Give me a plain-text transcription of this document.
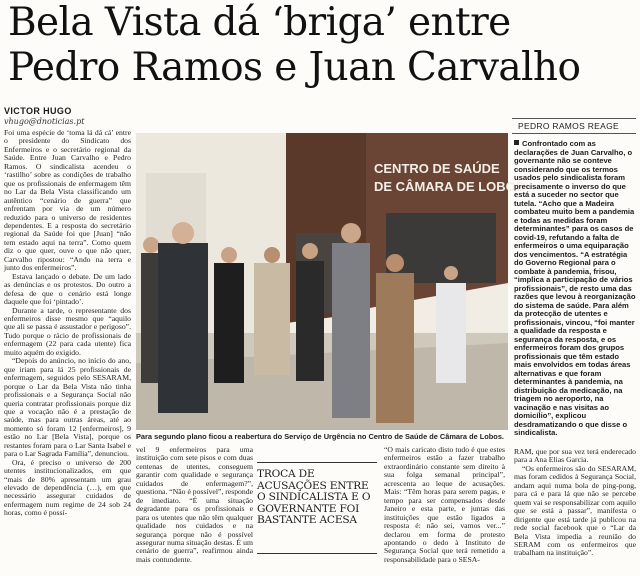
Bela Vista dá ‘briga’ entre Pedro Ramos e Juan Carvalho
VICTOR HUGO
vhugo@dnoticias.pt

Foi uma espécie de ‘toma lá dá cá’ entre o presidente do Sindicato dos Enfermeiros e o secretário regional da Saúde. Entre Juan Carvalho e Pedro Ramos. O sindicalista acendeu o ‘rastilho’ sobre as condições de trabalho que os profissionais de enfermagem têm no Lar da Bela Vista classificando um autêntico “cenário de guerra” que enfrentam por via de um número reduzido para o universo de residentes dependentes. E a resposta do secretário regional da Saúde foi que [Juan] “não tem estado aqui na terra”. Como quem diz o que quer, ouve o que não quer, Carvalho ripostou: “Ando na terra e junto dos enfermeiros”.

Estava lançado o debate. De um lado as denúncias e os protestos. Do outro a defesa de que o cenário está longe daquele que foi ‘pintado’.

Durante a tarde, o representante dos enfermeiros disse mesmo que “aquilo que ali se passa é assustador e perigoso”. Tudo porque o rácio de profissionais de enfermagem (22 para cada utente) fica muito aquém do exigido.

“Depois do anúncio, no início do ano, que iriam para lá 25 profissionais de enfermagem, seguidos pelo SESARAM, porque o Lar da Bela Vista não tinha profissionais e a Segurança Social não queria contratar profissionais porque diz que a vocação não é a prestação de saúde, mas para outras áreas, até ao momento só foram 12 [enfermeiros], 9 estão no Lar [Bela Vista], porque os restantes foram para o Lar Santa Isabel e para o Lar Sagrada Família”, denunciou.

Ora, é preciso o universo de 200 utentes institucionalizados, em que “mais de 80% apresentam um grau elevado de dependência (…), em que necessário assegurar cuidados de enfermagem num regime de 24 sob 24 horas, como é possí-

CENTRO DE SAÚDE
DE CÂMARA DE LOBOS
Para segundo plano ficou a reabertura do Serviço de Urgência no Centro de Saúde de Câmara de Lobos.

vel 9 enfermeiros para uma instituição com sete pisos e com duas centenas de utentes, conseguem garantir com qualidade e segurança cuidados de enfermagem?”, questiona. “Não é possível”, responde de imediato. “É uma situação degradante para os profissionais e para os utentes que não têm qualquer qualidade nos cuidados e na segurança porque não é possível assegurar numa situação destas. É um cenário de guerra”, reafirmou ainda mais contundente.

TROCA DE ACUSAÇÕES ENTRE O SINDICALISTA E O GOVERNANTE FOI BASTANTE ACESA

“O mais caricato disto tudo é que estes enfermeiros estão a fazer trabalho extraordinário constante sem direito à sua folga semanal principal”, acrescenta ao leque de acusações. Mais: “Têm horas para serem pagas, e tempo para ser compensados desde Janeiro e esta parte, e juntas das instituições que estão ligados a resposta é: não sei, vamos ver...” declarou em forma de protesto apontando o dedo à Instituto de Segurança Social que terá remetido a responsabilidade para o SESA-

PEDRO RAMOS REAGE
Confrontado com as declarações de Juan Carvalho, o governante não se conteve considerando que os termos usados pelo sindicalista foram precisamente o inverso do que está a suceder no sector que tutela. “Acho que a Madeira combateu muito bem a pandemia e todas as medidas foram determinantes” para os casos de covid-19, refutando a falta de enfermeiros o uma equiparação dos vencimentos. “A estratégia do Governo Regional para o combate à pandemia, frisou, “implica a participação de vários profissionais”, de resto uma das razões que levou à reorganização do sistema de saúde. Para além da protecção de utentes e profissionais, vincou, “foi manter a qualidade da resposta e segurança da resposta, e os enfermeiros foram dos grupos profissionais que têm estado mais envolvidos em todas áreas alternativas e que foram determinantes à pandemia, na distribuição da medicação, na triagem no aeroporto, na vacinação e nas visitas ao domicílio”, explicou desdramatizando o que disse o sindicalista.

RAM, que por sua vez terá enderecado para a Ana Elias Garcia.

“Os enfermeiros são do SESARAM, mas foram cedidos à Segurança Social, andam aqui numa bola de ping-pong, para cá e para lá que não se percebe quem vai se responsabilizar com aquilo que se está a passar”, manifesta o dirigente que está tarde já publicou na rede social facebook que o “Lar da Bela Vista impedia a reunião do SERAM com os enfermeiros que trabalham na instituição”.
